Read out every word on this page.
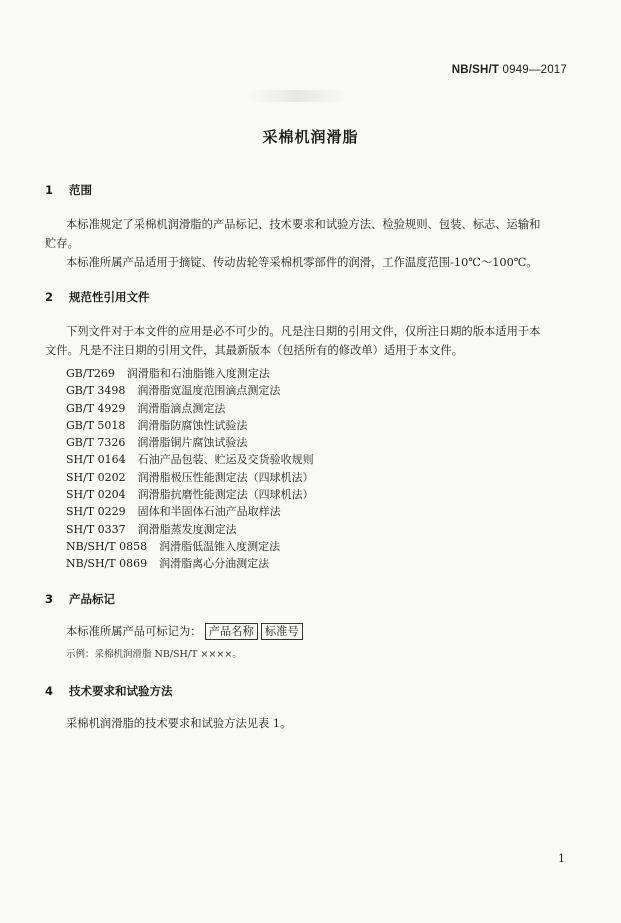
NB/SH/T 0949—2017
采棉机润滑脂
1 范围
本标准规定了采棉机润滑脂的产品标记、技术要求和试验方法、检验规则、包装、标志、运输和
贮存。
本标准所属产品适用于摘锭、传动齿轮等采棉机零部件的润滑，工作温度范围-10℃～100℃。
2 规范性引用文件
下列文件对于本文件的应用是必不可少的。凡是注日期的引用文件，仅所注日期的版本适用于本
文件。凡是不注日期的引用文件，其最新版本（包括所有的修改单）适用于本文件。
GB/T269 润滑脂和石油脂锥入度测定法
GB/T 3498 润滑脂宽温度范围滴点测定法
GB/T 4929 润滑脂滴点测定法
GB/T 5018 润滑脂防腐蚀性试验法
GB/T 7326 润滑脂铜片腐蚀试验法
SH/T 0164 石油产品包装、贮运及交货验收规则
SH/T 0202 润滑脂极压性能测定法（四球机法）
SH/T 0204 润滑脂抗磨性能测定法（四球机法）
SH/T 0229 固体和半固体石油产品取样法
SH/T 0337 润滑脂蒸发度测定法
NB/SH/T 0858 润滑脂低温锥入度测定法
NB/SH/T 0869 润滑脂离心分油测定法
3 产品标记
本标准所属产品可标记为： 产品名称 标准号
示例：采棉机润滑脂 NB/SH/T ××××。
4 技术要求和试验方法
采棉机润滑脂的技术要求和试验方法见表 1。
1
